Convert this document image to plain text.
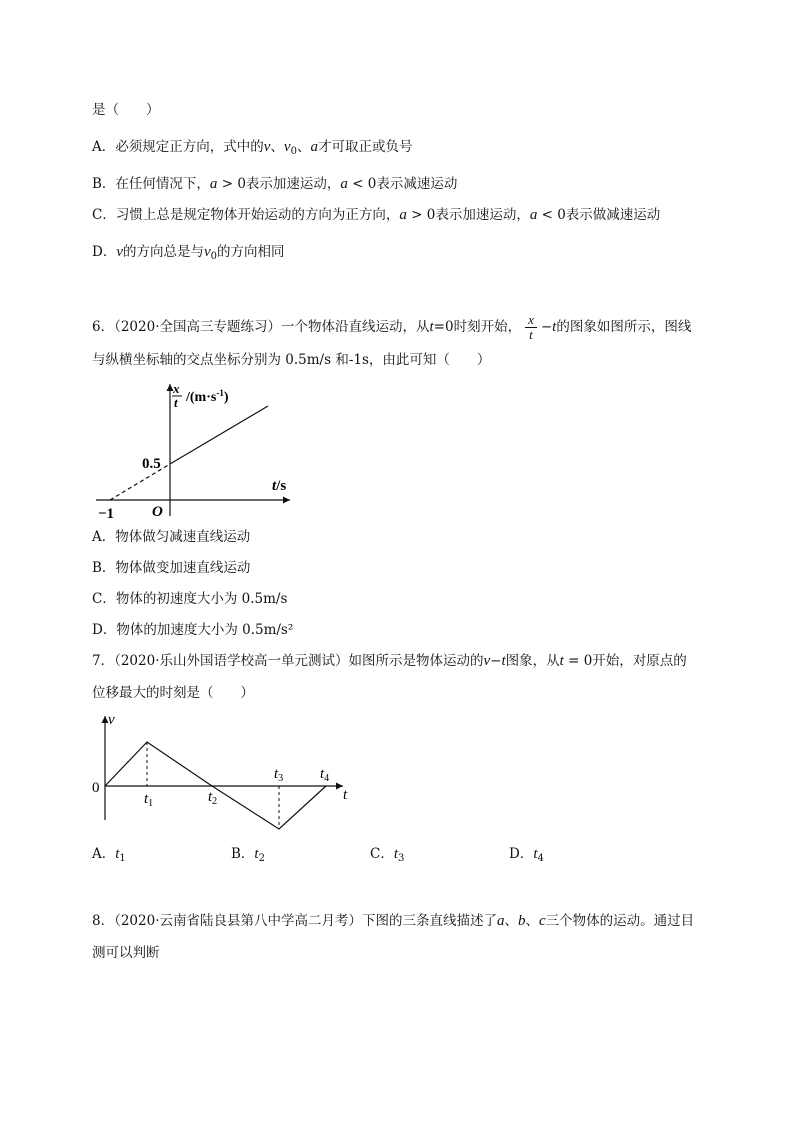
是（　　）
A．必须规定正方向，式中的v、$v_0$、a才可取正或负号
B．在任何情况下，a > 0表示加速运动，a < 0表示减速运动
C．习惯上总是规定物体开始运动的方向为正方向，a > 0表示加速运动，a < 0表示做减速运动
D．v的方向总是与$v_0$的方向相同
6．（2020·全国高三专题练习）一个物体沿直线运动，从t=0时刻开始， $\frac{x}{t} -t$的图象如图所示，图线
与纵横坐标轴的交点坐标分别为 0.5m/s 和-1s，由此可知（　　）
x
t $/(m\cdot s^{-1})$
0.5
t/s
−1	O
A．物体做匀减速直线运动
B．物体做变加速直线运动
C．物体的初速度大小为 0.5m/s
D．物体的加速度大小为 0.5m/s²
7．（2020·乐山外国语学校高一单元测试）如图所示是物体运动的v−t图象，从t = 0开始，对原点的
位移最大的时刻是（　　）
v
0	t
$t_1$	$t_2$
$t_3$ $t_4$
A．$t_1$	B．$t_2$	C．$t_3$	D．$t_4$
8．（2020·云南省陆良县第八中学高二月考）下图的三条直线描述了a、b、c三个物体的运动。通过目
测可以判断
